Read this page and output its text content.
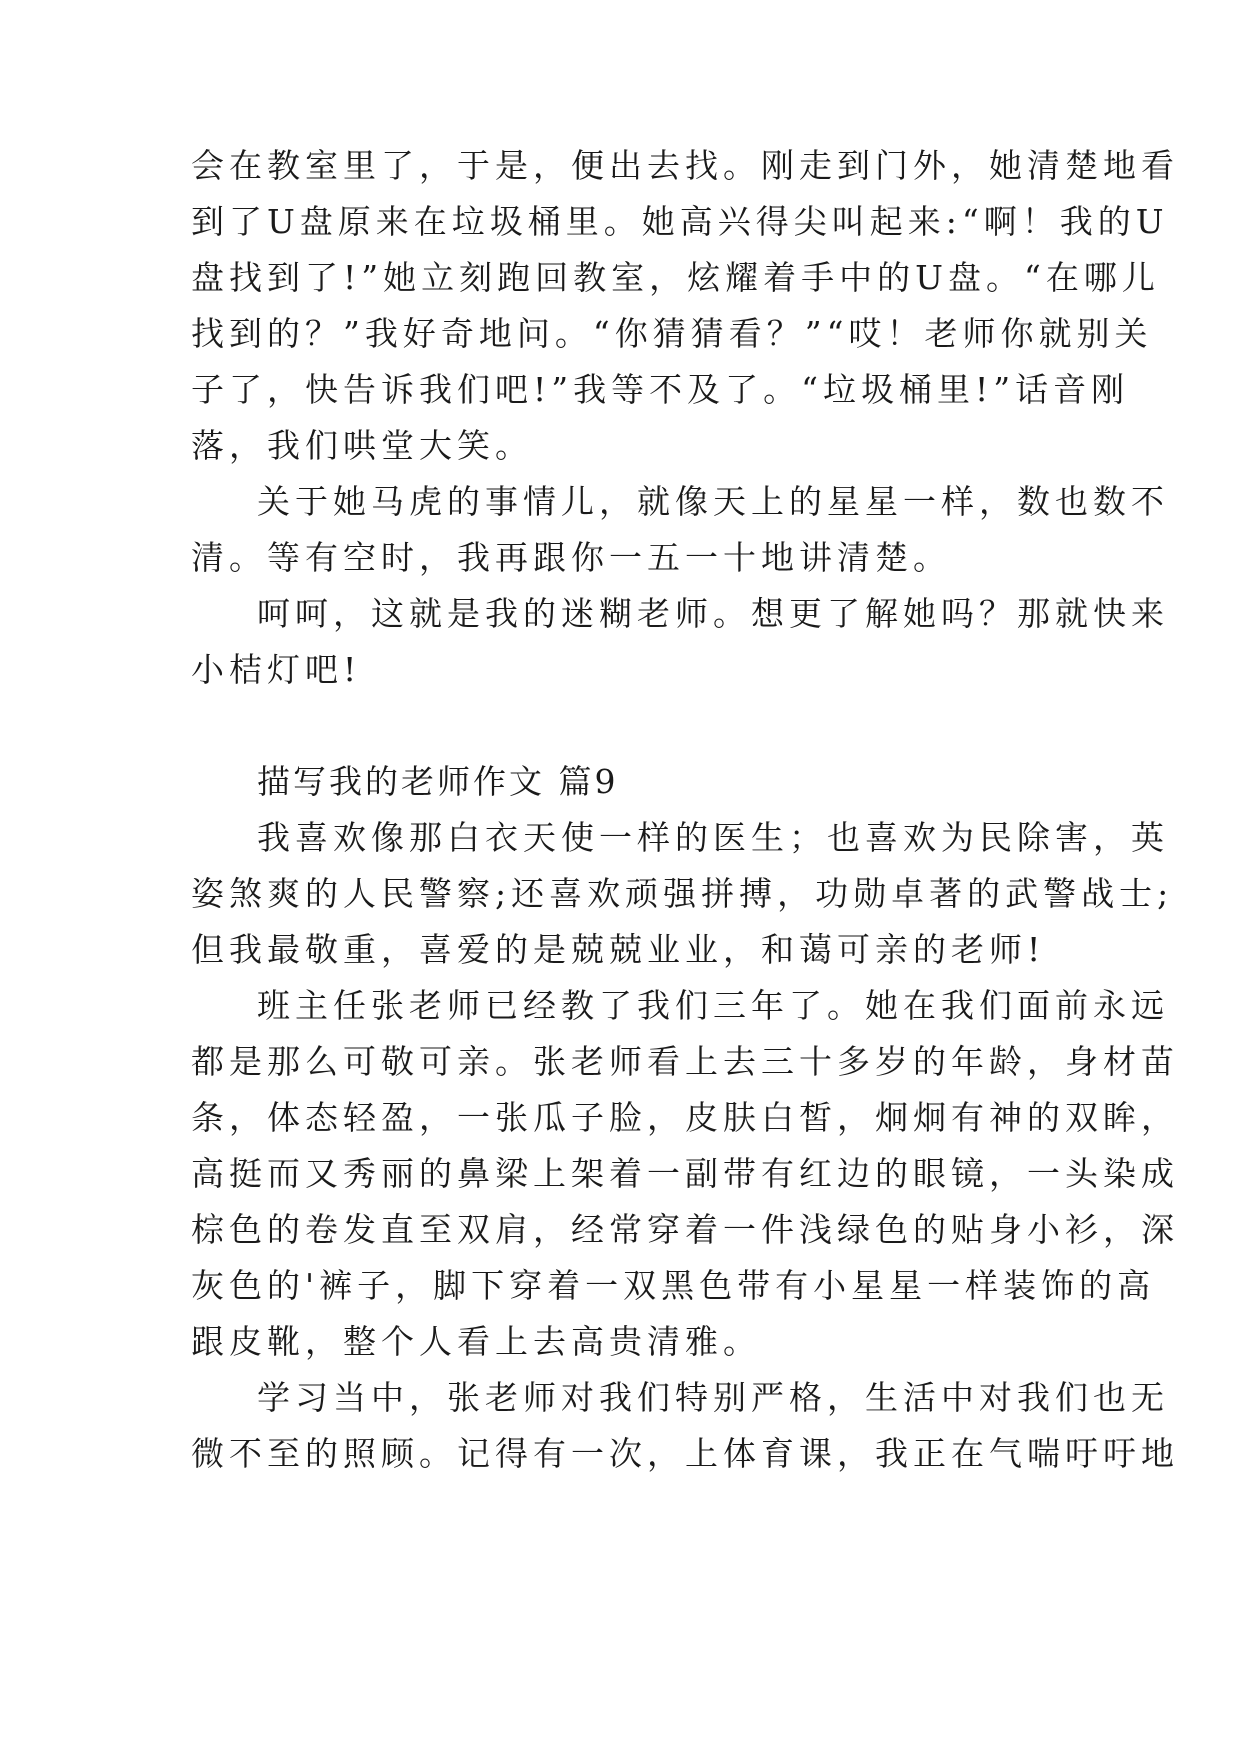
会在教室里了，于是，便出去找。刚走到门外，她清楚地看

到了U盘原来在垃圾桶里。她高兴得尖叫起来:“啊！我的U

盘找到了!”她立刻跑回教室，炫耀着手中的U盘。“在哪儿

找到的？”我好奇地问。“你猜猜看？”“哎！老师你就别关

子了，快告诉我们吧!”我等不及了。“垃圾桶里!”话音刚

落，我们哄堂大笑。

关于她马虎的事情儿，就像天上的星星一样，数也数不

清。等有空时，我再跟你一五一十地讲清楚。

呵呵，这就是我的迷糊老师。想更了解她吗？那就快来

小桔灯吧!

描写我的老师作文 篇9

我喜欢像那白衣天使一样的医生；也喜欢为民除害，英

姿煞爽的人民警察;还喜欢顽强拼搏，功勋卓著的武警战士;

但我最敬重，喜爱的是兢兢业业，和蔼可亲的老师!

班主任张老师已经教了我们三年了。她在我们面前永远

都是那么可敬可亲。张老师看上去三十多岁的年龄，身材苗

条，体态轻盈，一张瓜子脸，皮肤白皙，炯炯有神的双眸，

高挺而又秀丽的鼻梁上架着一副带有红边的眼镜，一头染成

棕色的卷发直至双肩，经常穿着一件浅绿色的贴身小衫，深

灰色的'裤子，脚下穿着一双黑色带有小星星一样装饰的高

跟皮靴，整个人看上去高贵清雅。

学习当中，张老师对我们特别严格，生活中对我们也无

微不至的照顾。记得有一次，上体育课，我正在气喘吁吁地
